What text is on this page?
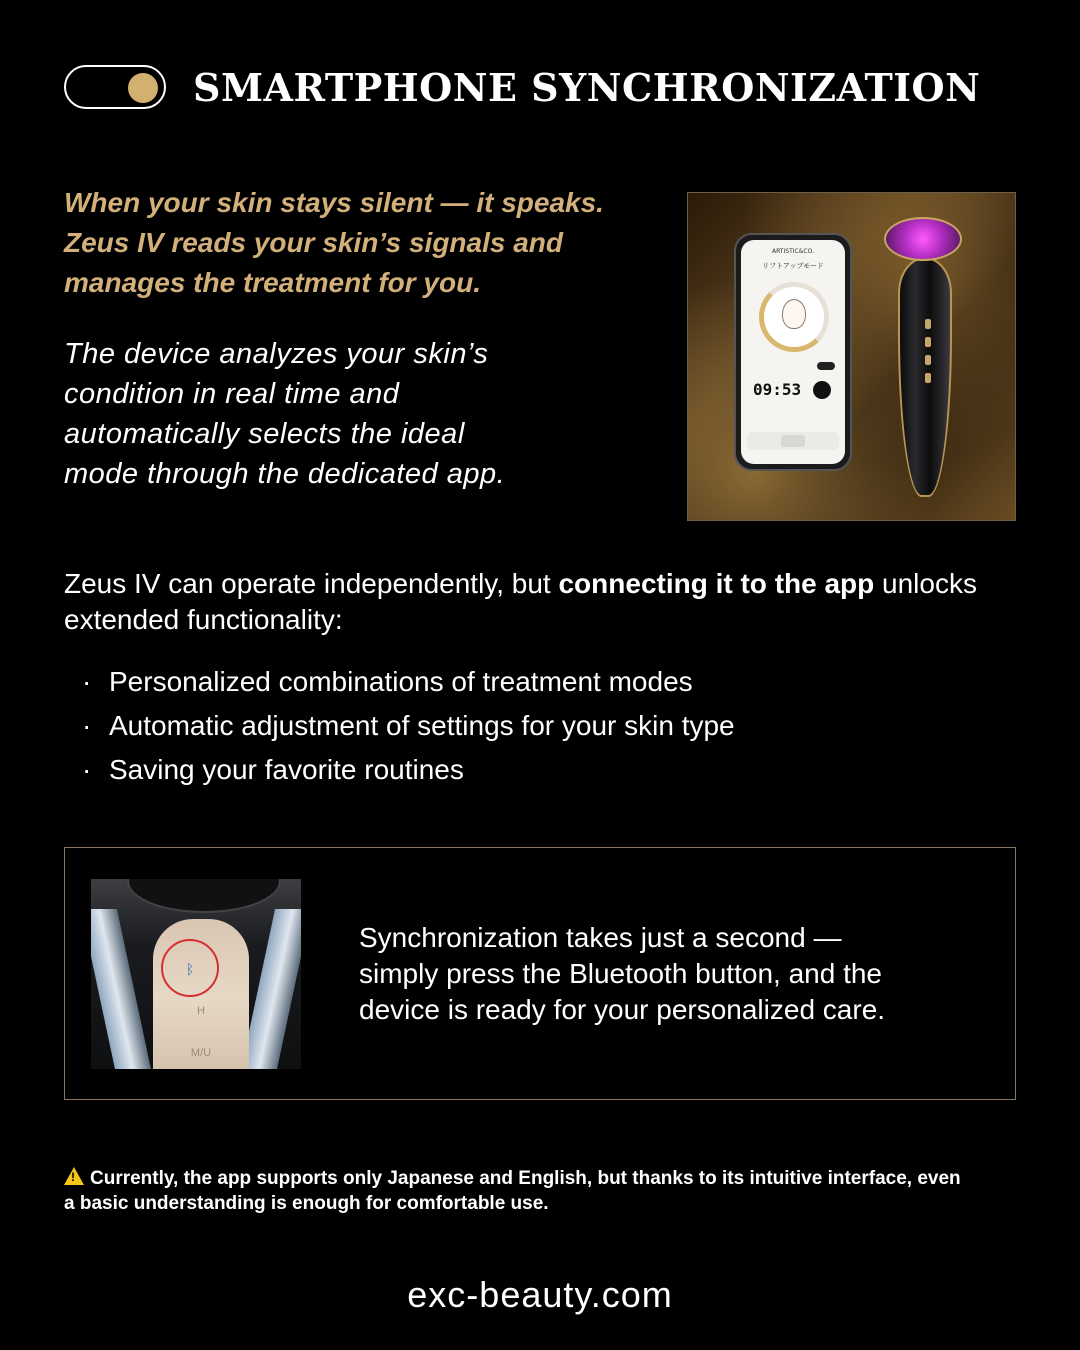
SMARTPHONE SYNCHRONIZATION

When your skin stays silent — it speaks.
Zeus IV reads your skin’s signals and
manages the treatment for you.

The device analyzes your skin’s
condition in real time and
automatically selects the ideal
mode through the dedicated app.

ARTISTIC&CO.
リフトアップモード
09:53

Zeus IV can operate independently, but connecting it to the app unlocks extended functionality:

· Personalized combinations of treatment modes
· Automatic adjustment of settings for your skin type
· Saving your favorite routines
H
M/U
ᛒ

Synchronization takes just a second —
simply press the Bluetooth button, and the
device is ready for your personalized care.

!Currently, the app supports only Japanese and English, but thanks to its intuitive interface, even a basic understanding is enough for comfortable use.

exc-beauty.com
